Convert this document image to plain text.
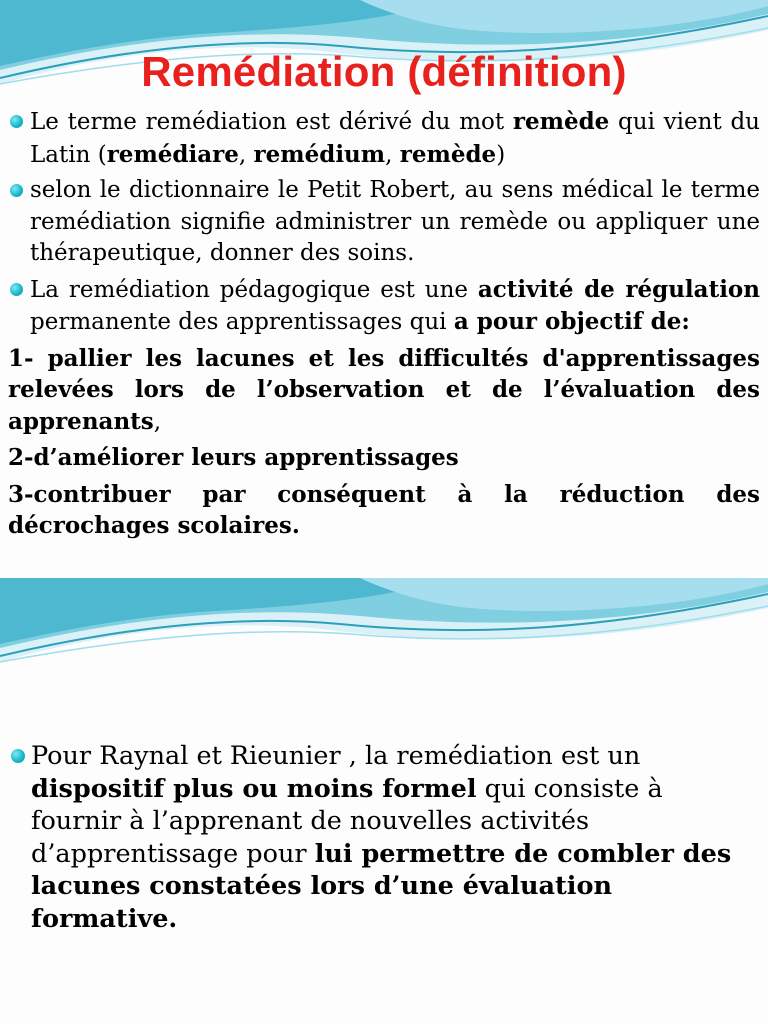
Remédiation (définition)
Le terme remédiation est dérivé du mot remède qui vient du Latin (remédiare, remédium, remède)
selon le dictionnaire le Petit Robert, au sens médical le terme remédiation signifie administrer un remède ou appliquer une thérapeutique, donner des soins.
La remédiation pédagogique est une activité de régulation permanente des apprentissages qui a pour objectif de:

1- pallier les lacunes et les difficultés d'apprentissages relevées lors de l’observation et de l’évaluation des apprenants,

2-d’améliorer leurs apprentissages

3-contribuer par conséquent à la réduction des décrochages scolaires.

Pour Raynal et Rieunier , la remédiation est un dispositif plus ou moins formel qui consiste à fournir à l’apprenant de nouvelles activités d’apprentissage pour lui permettre de combler des lacunes constatées lors d’une évaluation formative.
